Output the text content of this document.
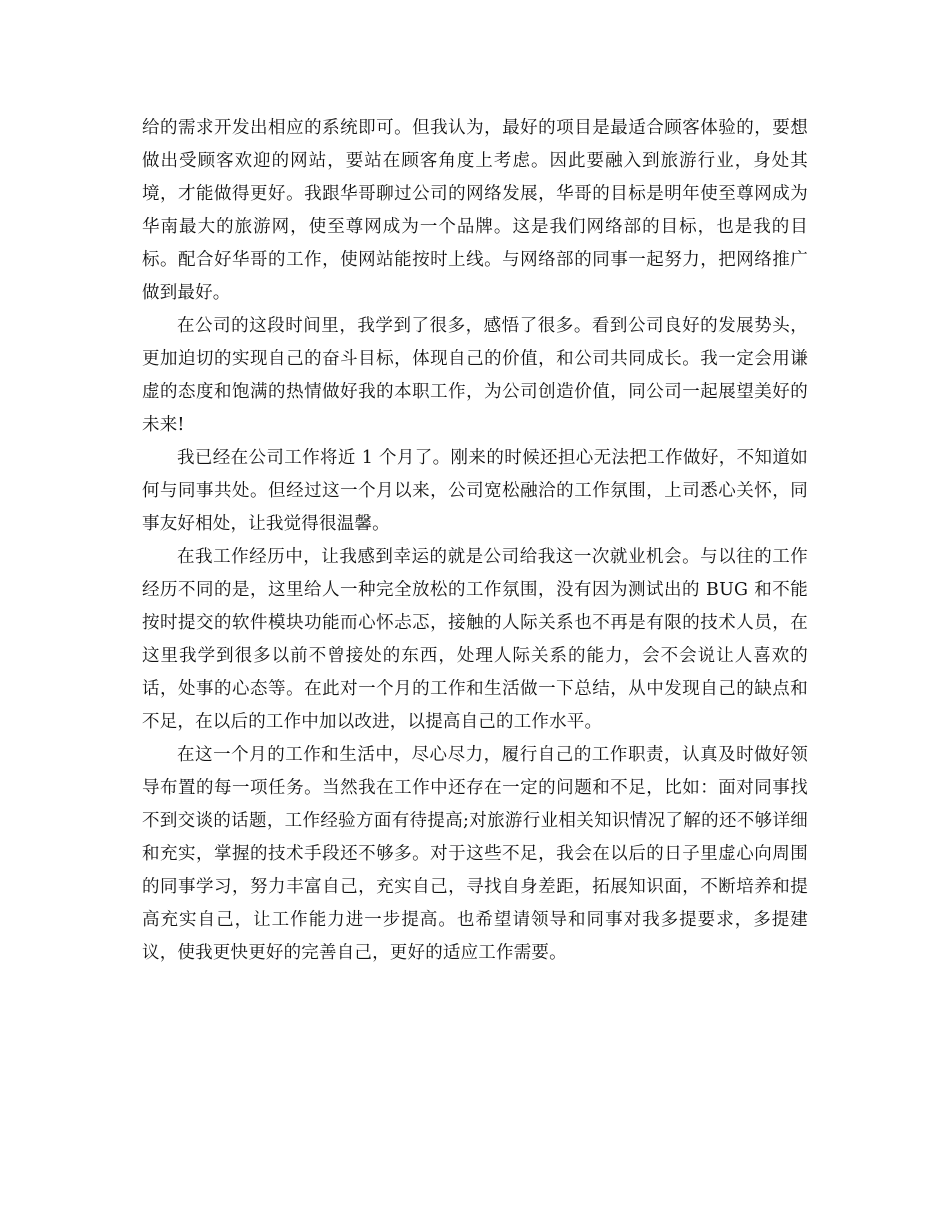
给的需求开发出相应的系统即可。但我认为，最好的项目是最适合顾客体验的，要想做出受顾客欢迎的网站，要站在顾客角度上考虑。因此要融入到旅游行业，身处其境，才能做得更好。我跟华哥聊过公司的网络发展，华哥的目标是明年使至尊网成为华南最大的旅游网，使至尊网成为一个品牌。这是我们网络部的目标，也是我的目标。配合好华哥的工作，使网站能按时上线。与网络部的同事一起努力，把网络推广做到最好。

在公司的这段时间里，我学到了很多，感悟了很多。看到公司良好的发展势头，更加迫切的实现自己的奋斗目标，体现自己的价值，和公司共同成长。我一定会用谦虚的态度和饱满的热情做好我的本职工作，为公司创造价值，同公司一起展望美好的未来!

我已经在公司工作将近 1 个月了。刚来的时候还担心无法把工作做好，不知道如何与同事共处。但经过这一个月以来，公司宽松融洽的工作氛围，上司悉心关怀，同事友好相处，让我觉得很温馨。

在我工作经历中，让我感到幸运的就是公司给我这一次就业机会。与以往的工作经历不同的是，这里给人一种完全放松的工作氛围，没有因为测试出的 BUG 和不能按时提交的软件模块功能而心怀忐忑，接触的人际关系也不再是有限的技术人员，在这里我学到很多以前不曾接处的东西，处理人际关系的能力，会不会说让人喜欢的话，处事的心态等。在此对一个月的工作和生活做一下总结，从中发现自己的缺点和不足，在以后的工作中加以改进，以提高自己的工作水平。

在这一个月的工作和生活中，尽心尽力，履行自己的工作职责，认真及时做好领导布置的每一项任务。当然我在工作中还存在一定的问题和不足，比如：面对同事找不到交谈的话题，工作经验方面有待提高;对旅游行业相关知识情况了解的还不够详细和充实，掌握的技术手段还不够多。对于这些不足，我会在以后的日子里虚心向周围的同事学习，努力丰富自己，充实自己，寻找自身差距，拓展知识面，不断培养和提高充实自己，让工作能力进一步提高。也希望请领导和同事对我多提要求，多提建议，使我更快更好的完善自己，更好的适应工作需要。
